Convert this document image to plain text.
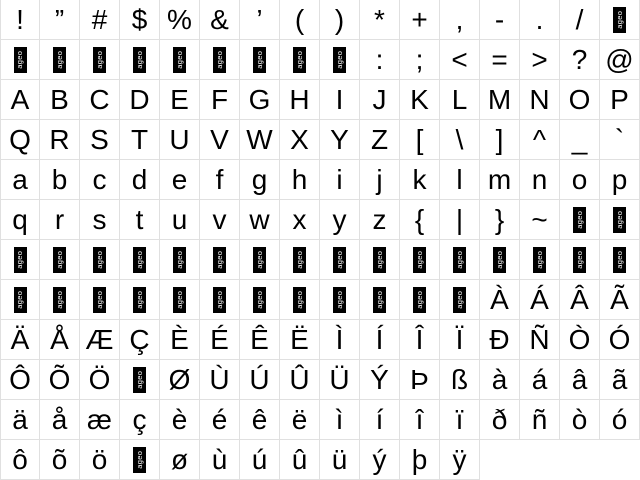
!	” # $ % & ’	(	)	* + ,	-	.	/	ageo
ageo	ageo	ageo	ageo	ageo	ageo	ageo	ageo	ageo	:	; < = > ? @
A B C D E F G H I	J K L M N O P
Q R S T U V W X Y Z [	\	]	^ _ `
a b c d e	f	g h	i	j	k	l m n o p
q r	s	t	u v w x y z	{	|	} ~	ageo	ageo
ageo	ageo	ageo	ageo	ageo	ageo	ageo	ageo	ageo	ageo	ageo	ageo	ageo	ageo	ageo	ageo
ageo	ageo	ageo	ageo	ageo	ageo	ageo	ageo	ageo	ageo	ageo	ageo À Á Â Ã
Ä Å Æ Ç È É Ê Ë Ì	Í	Î	Ï Ð Ñ Ò Ó
Ô Õ Ö	ageo Ø Ù Ú Û Ü Ý Þ ß à á â ã
ä å æ ç è é ê ë	ì	í	î	ï	ð ñ ò ó
ô õ ö	ageo ø ù ú û ü ý þ ÿ
